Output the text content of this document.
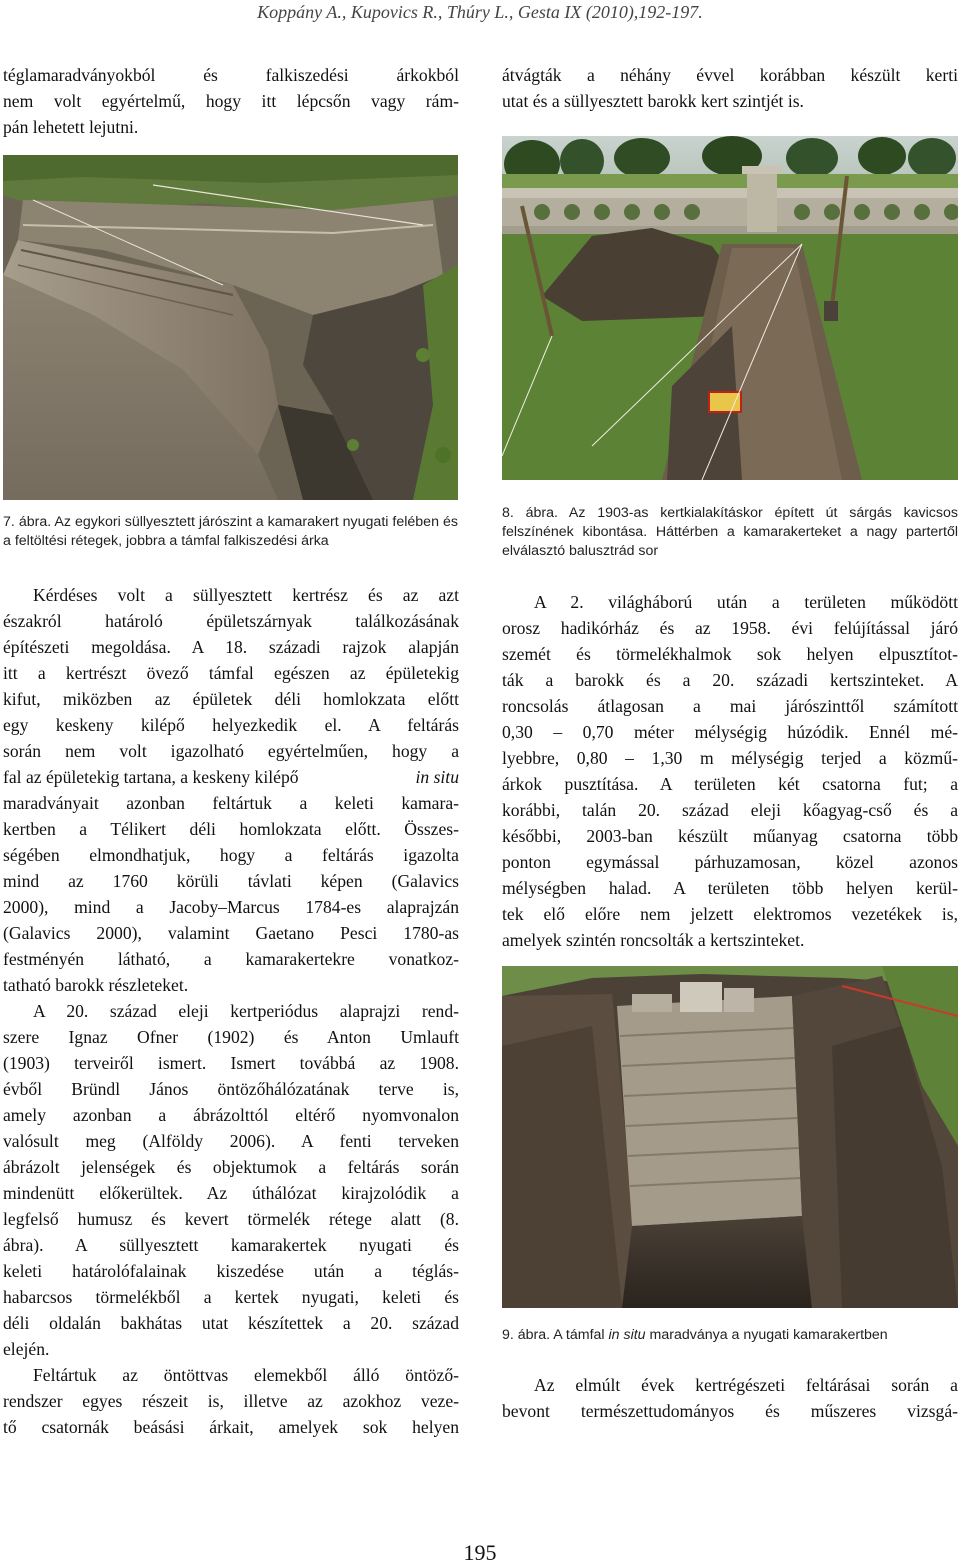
Koppány A., Kupovics R., Thúry L., Gesta IX (2010),192-197.

téglamaradványokból és falkiszedési árkokból

nem volt egyértelmű, hogy itt lépcsőn vagy rám-

pán lehetett lejutni.

átvágták a néhány évvel korábban készült kerti

utat és a süllyesztett barokk kert szintjét is.

7. ábra. Az egykori süllyesztett járószint a kamarakert nyugati felében és a feltöltési rétegek, jobbra a támfal falkiszedési árka
8. ábra. Az 1903-as kertkialakításkor épített út sárgás kavicsos felszínének kibontása. Háttérben a kamarakerteket a nagy partertől elválasztó balusztrád sor

Kérdéses volt a süllyesztett kertrész és az azt

északról határoló épületszárnyak találkozásának

építészeti megoldása. A 18. századi rajzok alapján

itt a kertrészt övező támfal egészen az épületekig

kifut, miközben az épületek déli homlokzata előtt

egy keskeny kilépő helyezkedik el. A feltárás

során nem volt igazolható egyértelműen, hogy a

fal az épületekig tartana, a keskeny kilépő	in situ

maradványait azonban feltártuk a keleti kamara-

kertben a Télikert déli homlokzata előtt. Összes-

ségében elmondhatjuk, hogy a feltárás igazolta

mind az 1760 körüli távlati képen (Galavics

2000), mind a Jacoby–Marcus 1784-es alaprajzán

(Galavics 2000), valamint Gaetano Pesci 1780-as

festményén látható, a kamarakertekre vonatkoz-

tatható barokk részleteket.

A 20. század eleji kertperiódus alaprajzi rend-

szere Ignaz Ofner (1902) és Anton Umlauft

(1903) terveiről ismert. Ismert továbbá az 1908.

évből Bründl János öntözőhálózatának terve is,

amely azonban a ábrázolttól eltérő nyomvonalon

valósult meg (Alföldy 2006). A fenti terveken

ábrázolt jelenségek és objektumok a feltárás során

mindenütt előkerültek. Az úthálózat kirajzolódik a

legfelső humusz és kevert törmelék rétege alatt (8.

ábra). A süllyesztett kamarakertek nyugati és

keleti határolófalainak kiszedése után a téglás-

habarcsos törmelékből a kertek nyugati, keleti és

déli oldalán bakhátas utat készítettek a 20. század

elején.

Feltártuk az öntöttvas elemekből álló öntöző-

rendszer egyes részeit is, illetve az azokhoz veze-

tő csatornák beásási árkait, amelyek sok helyen

A 2. világháború után a területen működött

orosz hadikórház és az 1958. évi felújítással járó

szemét és törmelékhalmok sok helyen elpusztítot-

ták a barokk és a 20. századi kertszinteket. A

roncsolás átlagosan a mai járószinttől számított

0,30 – 0,70 méter mélységig húzódik. Ennél mé-

lyebbre, 0,80 – 1,30 m mélységig terjed a közmű-

árkok pusztítása. A területen két csatorna fut; a

korábbi, talán 20. század eleji kőagyag-cső és a

későbbi, 2003-ban készült műanyag csatorna több

ponton egymással párhuzamosan, közel azonos

mélységben halad. A területen több helyen kerül-

tek elő előre nem jelzett elektromos vezetékek is,

amelyek szintén roncsolták a kertszinteket.

9. ábra. A támfal in situ maradványa a nyugati kamarakertben

Az elmúlt évek kertrégészeti feltárásai során a

bevont természettudományos és műszeres vizsgá-

195
